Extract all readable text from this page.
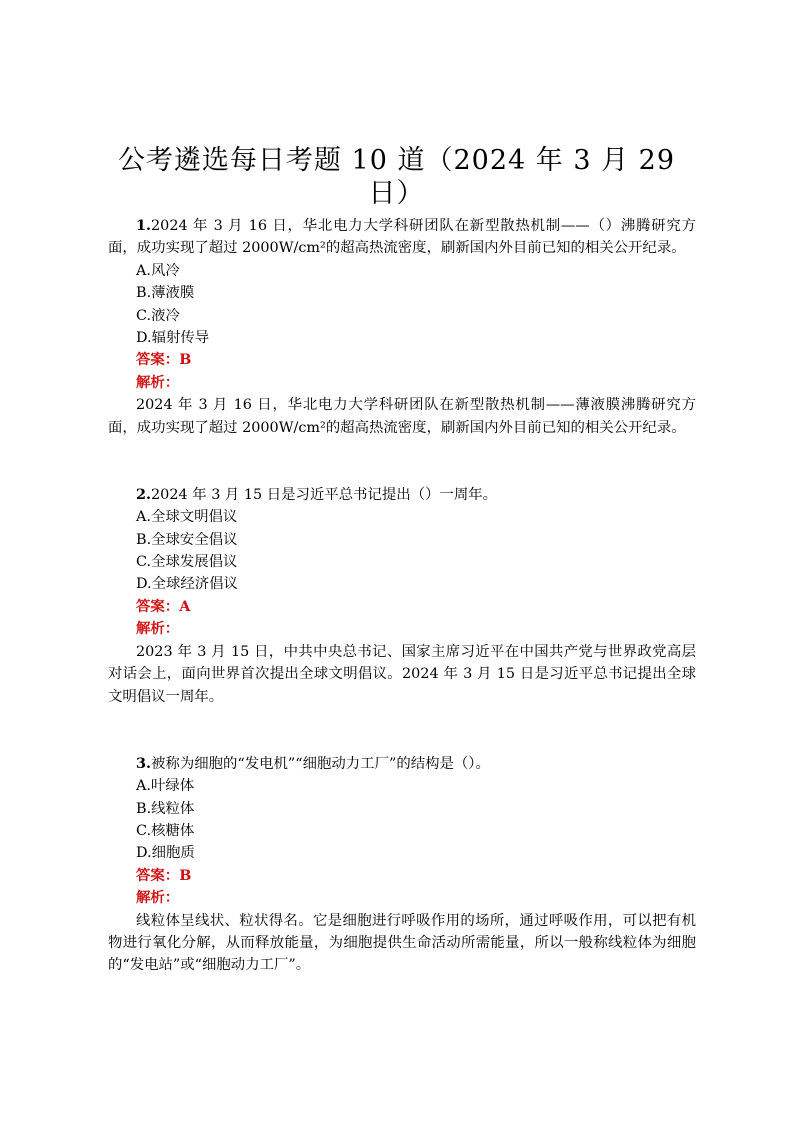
公考遴选每日考题 10 道（2024 年 3 月 29 日）

1.2024 年 3 月 16 日，华北电力大学科研团队在新型散热机制——（）沸腾研究方面，成功实现了超过 2000W/cm²的超高热流密度，刷新国内外目前已知的相关公开纪录。

A.风冷

B.薄液膜

C.液冷

D.辐射传导

答案：B

解析：

2024 年 3 月 16 日，华北电力大学科研团队在新型散热机制——薄液膜沸腾研究方面，成功实现了超过 2000W/cm²的超高热流密度，刷新国内外目前已知的相关公开纪录。

2.2024 年 3 月 15 日是习近平总书记提出（）一周年。

A.全球文明倡议

B.全球安全倡议

C.全球发展倡议

D.全球经济倡议

答案：A

解析：

2023 年 3 月 15 日，中共中央总书记、国家主席习近平在中国共产党与世界政党高层对话会上，面向世界首次提出全球文明倡议。2024 年 3 月 15 日是习近平总书记提出全球文明倡议一周年。

3.被称为细胞的“发电机”“细胞动力工厂”的结构是（）。

A.叶绿体

B.线粒体

C.核糖体

D.细胞质

答案：B

解析：

线粒体呈线状、粒状得名。它是细胞进行呼吸作用的场所，通过呼吸作用，可以把有机物进行氧化分解，从而释放能量，为细胞提供生命活动所需能量，所以一般称线粒体为细胞的“发电站”或“细胞动力工厂”。
